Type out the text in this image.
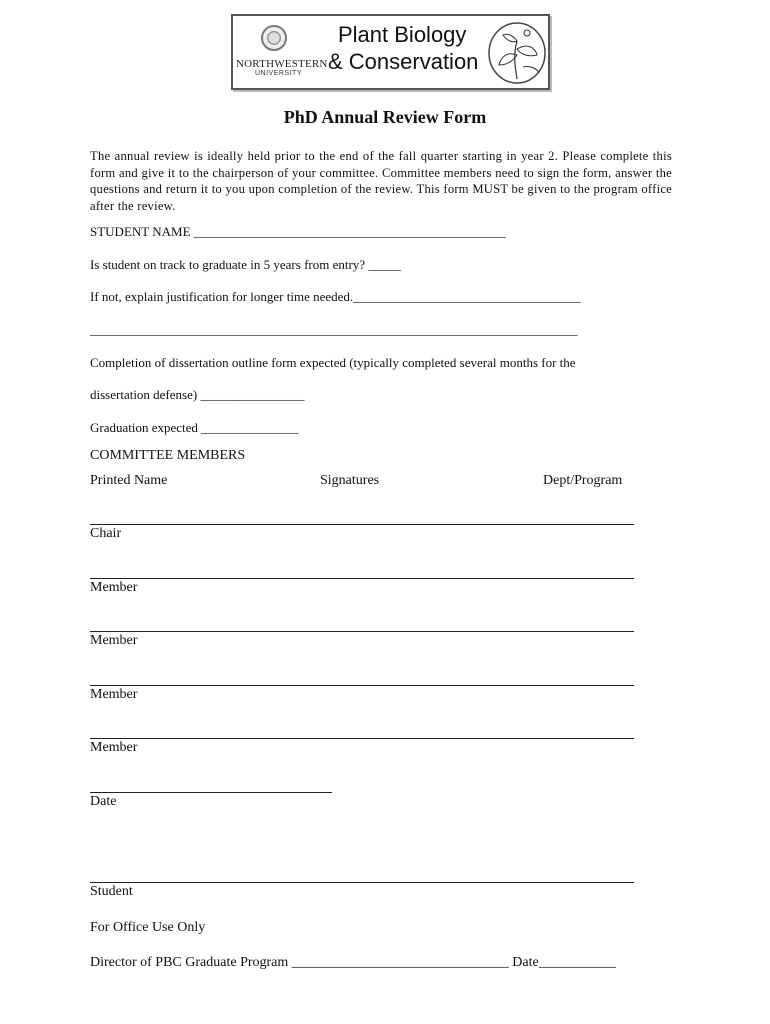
NORTHWESTERN
UNIVERSITY
Plant Biology
& Conservation
PhD Annual Review Form
The annual review is ideally held prior to the end of the fall quarter starting in year 2. Please complete this form and give it to the chairperson of your committee. Committee members need to sign the form, answer the questions and return it to you upon completion of the review. This form MUST be given to the program office after the review.
STUDENT NAME ________________________________________________
Is student on track to graduate in 5 years from entry? _____
If not, explain justification for longer time needed.___________________________________
___________________________________________________________________________
Completion of dissertation outline form expected (typically completed several months for the
dissertation defense) ________________
Graduation expected _______________
COMMITTEE MEMBERS
Printed Name	Signatures	Dept/Program
Chair
Member
Member
Member
Member
Date
Student
For Office Use Only
Director of PBC Graduate Program _______________________________ Date___________
